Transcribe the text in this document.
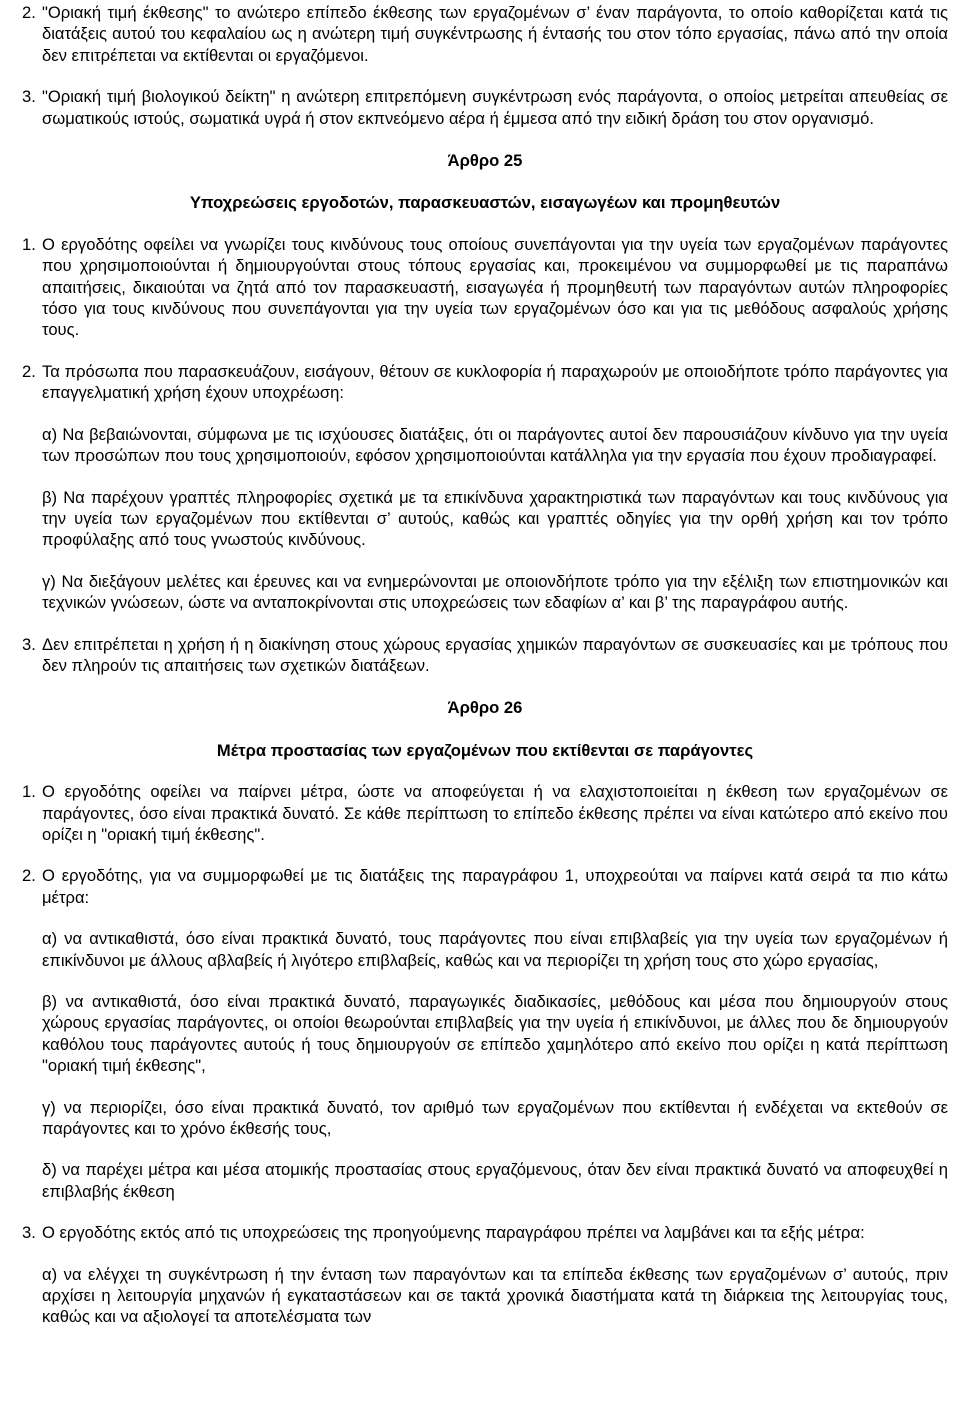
2. "Οριακή τιμή έκθεσης" το ανώτερο επίπεδο έκθεσης των εργαζομένων σ’ έναν παράγοντα, το οποίο καθορίζεται κατά τις διατάξεις αυτού του κεφαλαίου ως η ανώτερη τιμή συγκέντρωσης ή έντασής του στον τόπο εργασίας, πάνω από την οποία δεν επιτρέπεται να εκτίθενται οι εργαζόμενοι.

3. "Οριακή τιμή βιολογικού δείκτη" η ανώτερη επιτρεπόμενη συγκέντρωση ενός παράγοντα, ο οποίος μετρείται απευθείας σε σωματικούς ιστούς, σωματικά υγρά ή στον εκπνεόμενο αέρα ή έμμεσα από την ειδική δράση του στον οργανισμό.

Άρθρο 25

Υποχρεώσεις εργοδοτών, παρασκευαστών, εισαγωγέων και προμηθευτών

1. Ο εργοδότης οφείλει να γνωρίζει τους κινδύνους τους οποίους συνεπάγονται για την υγεία των εργαζομένων παράγοντες που χρησιμοποιούνται ή δημιουργούνται στους τόπους εργασίας και, προκειμένου να συμμορφωθεί με τις παραπάνω απαιτήσεις, δικαιούται να ζητά από τον παρασκευαστή, εισαγωγέα ή προμηθευτή των παραγόντων αυτών πληροφορίες τόσο για τους κινδύνους που συνεπάγονται για την υγεία των εργαζομένων όσο και για τις μεθόδους ασφαλούς χρήσης τους.

2. Τα πρόσωπα που παρασκευάζουν, εισάγουν, θέτουν σε κυκλοφορία ή παραχωρούν με οποιοδήποτε τρόπο παράγοντες για επαγγελματική χρήση έχουν υποχρέωση:

α) Να βεβαιώνονται, σύμφωνα με τις ισχύουσες διατάξεις, ότι οι παράγοντες αυτοί δεν παρουσιάζουν κίνδυνο για την υγεία των προσώπων που τους χρησιμοποιούν, εφόσον χρησιμοποιούνται κατάλληλα για την εργασία που έχουν προδιαγραφεί.

β) Να παρέχουν γραπτές πληροφορίες σχετικά με τα επικίνδυνα χαρακτηριστικά των παραγόντων και τους κινδύνους για την υγεία των εργαζομένων που εκτίθενται σ’ αυτούς, καθώς και γραπτές οδηγίες για την ορθή χρήση και τον τρόπο προφύλαξης από τους γνωστούς κινδύνους.

γ) Να διεξάγουν μελέτες και έρευνες και να ενημερώνονται με οποιονδήποτε τρόπο για την εξέλιξη των επιστημονικών και τεχνικών γνώσεων, ώστε να ανταποκρίνονται στις υποχρεώσεις των εδαφίων α’ και β’ της παραγράφου αυτής.

3. Δεν επιτρέπεται η χρήση ή η διακίνηση στους χώρους εργασίας χημικών παραγόντων σε συσκευασίες και με τρόπους που δεν πληρούν τις απαιτήσεις των σχετικών διατάξεων.

Άρθρο 26

Μέτρα προστασίας των εργαζομένων που εκτίθενται σε παράγοντες

1. Ο εργοδότης οφείλει να παίρνει μέτρα, ώστε να αποφεύγεται ή να ελαχιστοποιείται η έκθεση των εργαζομένων σε παράγοντες, όσο είναι πρακτικά δυνατό. Σε κάθε περίπτωση το επίπεδο έκθεσης πρέπει να είναι κατώτερο από εκείνο που ορίζει η "οριακή τιμή έκθεσης".

2. Ο εργοδότης, για να συμμορφωθεί με τις διατάξεις της παραγράφου 1, υποχρεούται να παίρνει κατά σειρά τα πιο κάτω μέτρα:

α) να αντικαθιστά, όσο είναι πρακτικά δυνατό, τους παράγοντες που είναι επιβλαβείς για την υγεία των εργαζομένων ή επικίνδυνοι με άλλους αβλαβείς ή λιγότερο επιβλαβείς, καθώς και να περιορίζει τη χρήση τους στο χώρο εργασίας,

β) να αντικαθιστά, όσο είναι πρακτικά δυνατό, παραγωγικές διαδικασίες, μεθόδους και μέσα που δημιουργούν στους χώρους εργασίας παράγοντες, οι οποίοι θεωρούνται επιβλαβείς για την υγεία ή επικίνδυνοι, με άλλες που δε δημιουργούν καθόλου τους παράγοντες αυτούς ή τους δημιουργούν σε επίπεδο χαμηλότερο από εκείνο που ορίζει η κατά περίπτωση "οριακή τιμή έκθεσης",

γ) να περιορίζει, όσο είναι πρακτικά δυνατό, τον αριθμό των εργαζομένων που εκτίθενται ή ενδέχεται να εκτεθούν σε παράγοντες και το χρόνο έκθεσής τους,

δ) να παρέχει μέτρα και μέσα ατομικής προστασίας στους εργαζόμενους, όταν δεν είναι πρακτικά δυνατό να αποφευχθεί η επιβλαβής έκθεση

3. Ο εργοδότης εκτός από τις υποχρεώσεις της προηγούμενης παραγράφου πρέπει να λαμβάνει και τα εξής μέτρα:

α) να ελέγχει τη συγκέντρωση ή την ένταση των παραγόντων και τα επίπεδα έκθεσης των εργαζομένων σ’ αυτούς, πριν αρχίσει η λειτουργία μηχανών ή εγκαταστάσεων και σε τακτά χρονικά διαστήματα κατά τη διάρκεια της λειτουργίας τους, καθώς και να αξιολογεί τα αποτελέσματα των
